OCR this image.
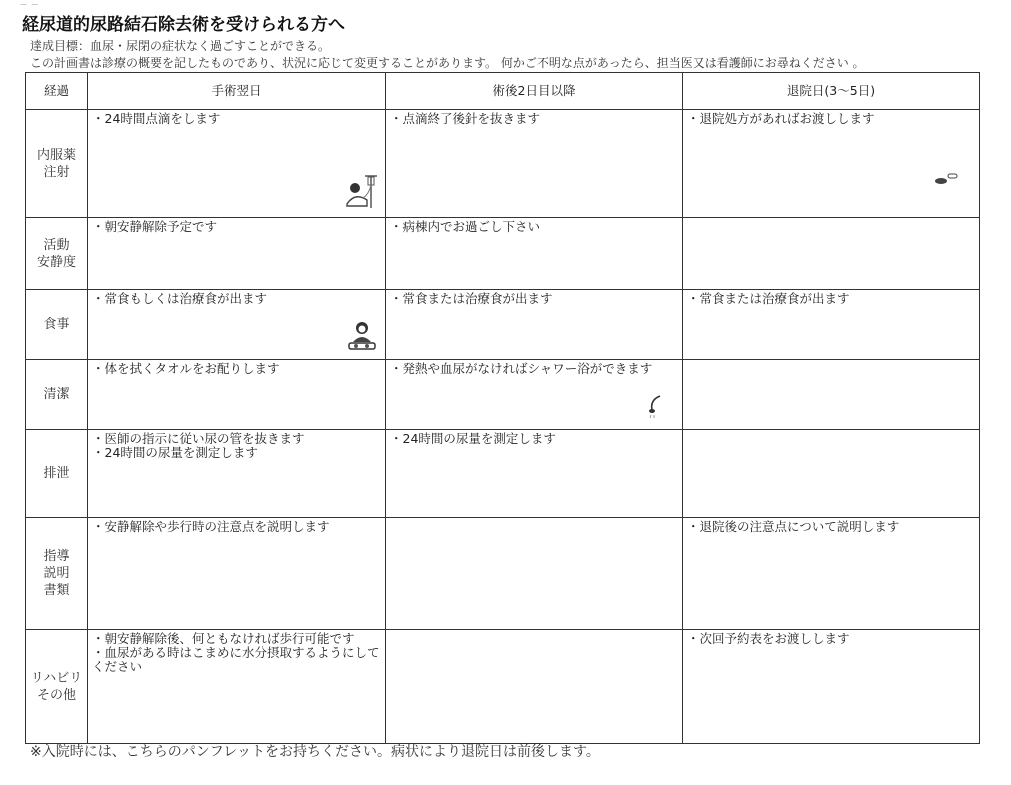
— —
経尿道的尿路結石除去術を受けられる方へ
達成目標：血尿・尿閉の症状なく過ごすことができる。
この計画書は診療の概要を記したものであり、状況に応じて変更することがあります。 何かご不明な点があったら、担当医又は看護師にお尋ねください 。
経過	手術翌日	術後2日目以降	退院日(3〜5日)

内服薬
注射	・24時間点滴をします	・点滴終了後針を抜きます	・退院処方があればお渡しします

活動
安静度	・朝安静解除予定です	・病棟内でお過ごし下さい	

食事	・常食もしくは治療食が出ます	・常食または治療食が出ます	・常食または治療食が出ます

清潔	・体を拭くタオルをお配りします	・発熱や血尿がなければシャワー浴ができます	

排泄	・医師の指示に従い尿の管を抜きます
・24時間の尿量を測定します	・24時間の尿量を測定します	

指導
説明
書類	・安静解除や歩行時の注意点を説明します		・退院後の注意点について説明します

リハビリ
その他	・朝安静解除後、何ともなければ歩行可能です
・血尿がある時はこまめに水分摂取するようにしてください		・次回予約表をお渡しします
※入院時には、こちらのパンフレットをお持ちください。病状により退院日は前後します。
